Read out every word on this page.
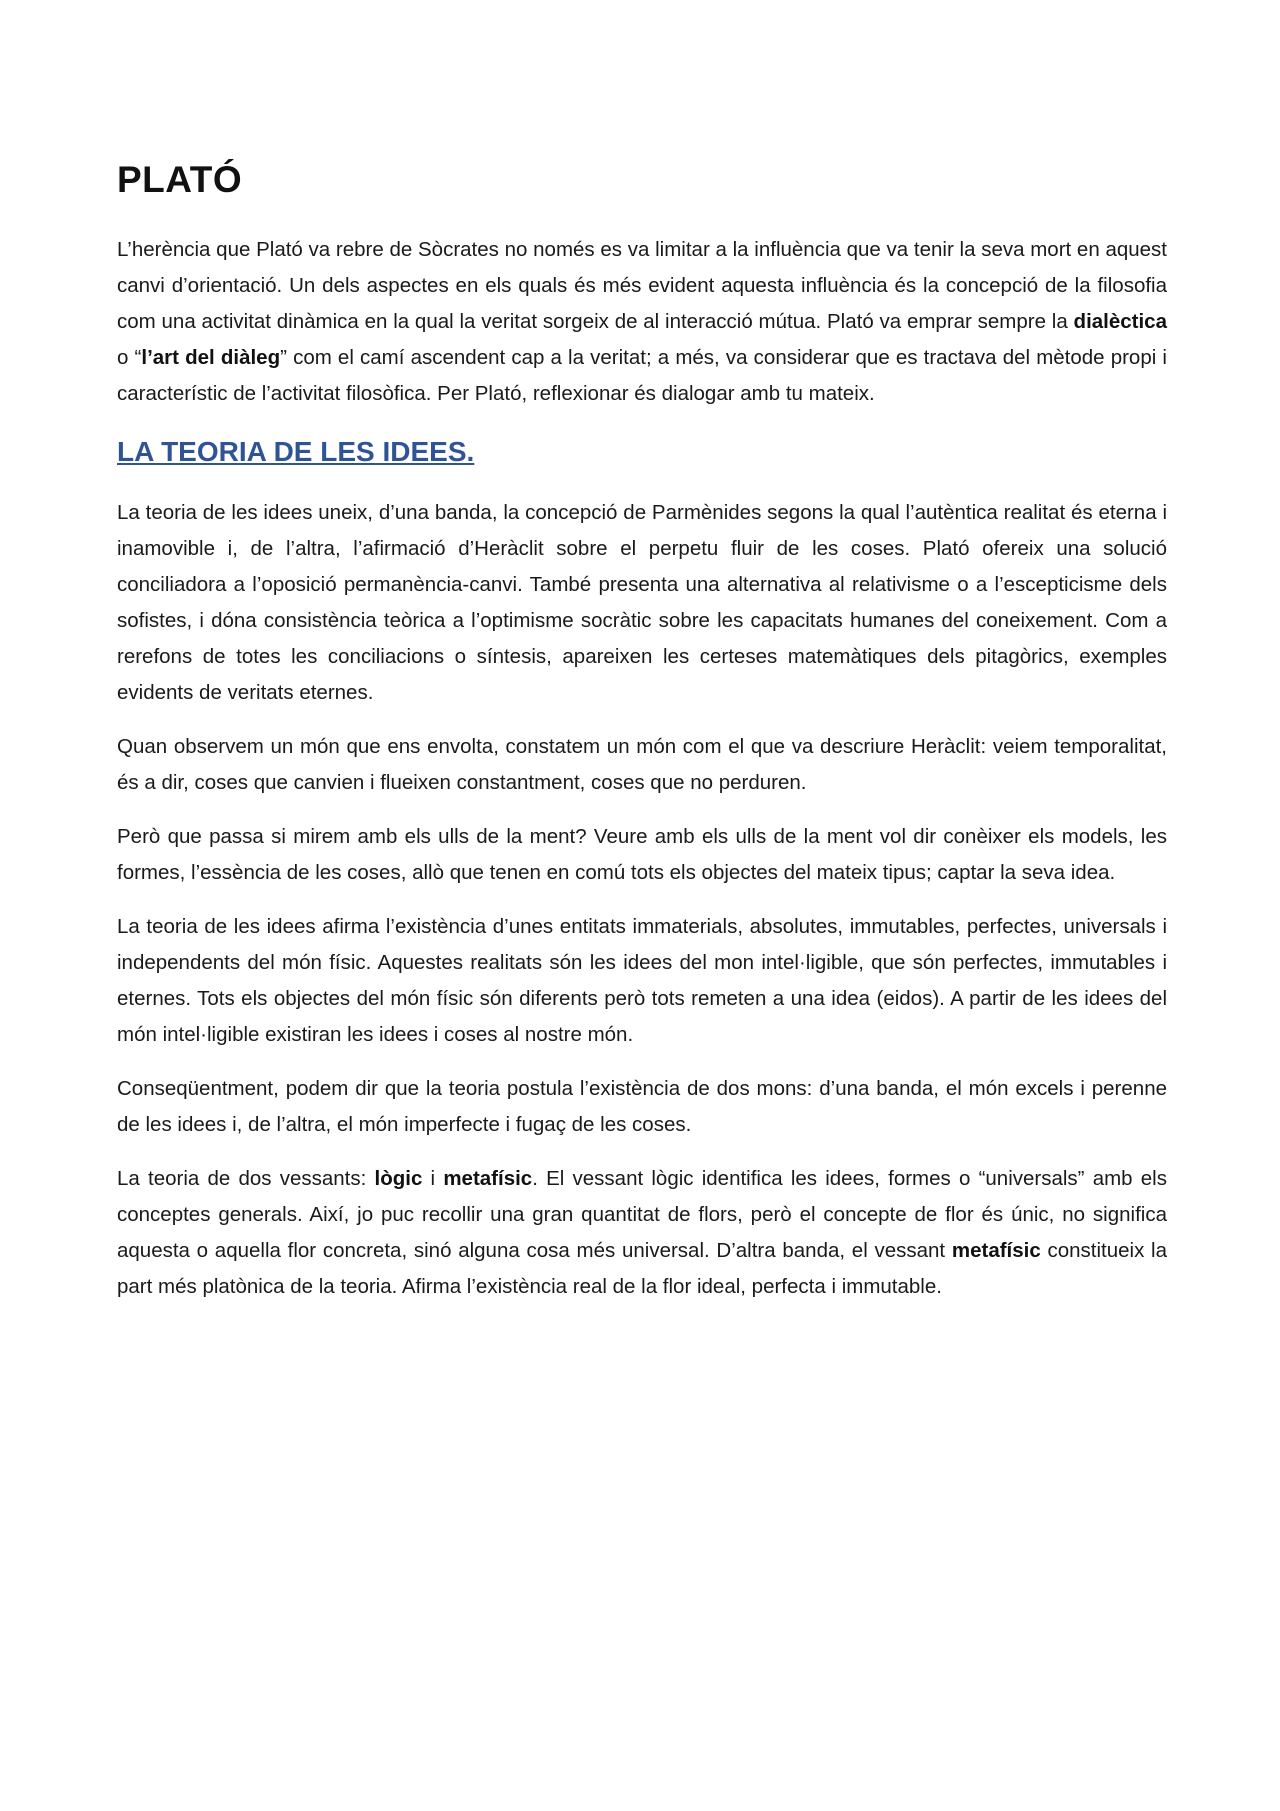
PLATÓ

L’herència que Plató va rebre de Sòcrates no només es va limitar a la influència que va tenir la seva mort en aquest canvi d’orientació. Un dels aspectes en els quals és més evident aquesta influència és la concepció de la filosofia com una activitat dinàmica en la qual la veritat sorgeix de al interacció mútua. Plató va emprar sempre la dialèctica o “l’art del diàleg” com el camí ascendent cap a la veritat; a més, va considerar que es tractava del mètode propi i característic de l’activitat filosòfica. Per Plató, reflexionar és dialogar amb tu mateix.

LA TEORIA DE LES IDEES.

La teoria de les idees uneix, d’una banda, la concepció de Parmènides segons la qual l’autèntica realitat és eterna i inamovible i, de l’altra, l’afirmació d’Heràclit sobre el perpetu fluir de les coses. Plató ofereix una solució conciliadora a l’oposició permanència-canvi. També presenta una alternativa al relativisme o a l’escepticisme dels sofistes, i dóna consistència teòrica a l’optimisme socràtic sobre les capacitats humanes del coneixement. Com a rerefons de totes les conciliacions o síntesis, apareixen les certeses matemàtiques dels pitagòrics, exemples evidents de veritats eternes.

Quan observem un món que ens envolta, constatem un món com el que va descriure Heràclit: veiem temporalitat, és a dir, coses que canvien i flueixen constantment, coses que no perduren.

Però que passa si mirem amb els ulls de la ment? Veure amb els ulls de la ment vol dir conèixer els models, les formes, l’essència de les coses, allò que tenen en comú tots els objectes del mateix tipus; captar la seva idea.

La teoria de les idees afirma l’existència d’unes entitats immaterials, absolutes, immutables, perfectes, universals i independents del món físic. Aquestes realitats són les idees del mon intel·ligible, que són perfectes, immutables i eternes. Tots els objectes del món físic són diferents però tots remeten a una idea (eidos). A partir de les idees del món intel·ligible existiran les idees i coses al nostre món.

Conseqüentment, podem dir que la teoria postula l’existència de dos mons: d’una banda, el món excels i perenne de les idees i, de l’altra, el món imperfecte i fugaç de les coses.

La teoria de dos vessants: lògic i metafísic. El vessant lògic identifica les idees, formes o “universals” amb els conceptes generals. Així, jo puc recollir una gran quantitat de flors, però el concepte de flor és únic, no significa aquesta o aquella flor concreta, sinó alguna cosa més universal. D’altra banda, el vessant metafísic constitueix la part més platònica de la teoria. Afirma l’existència real de la flor ideal, perfecta i immutable.
